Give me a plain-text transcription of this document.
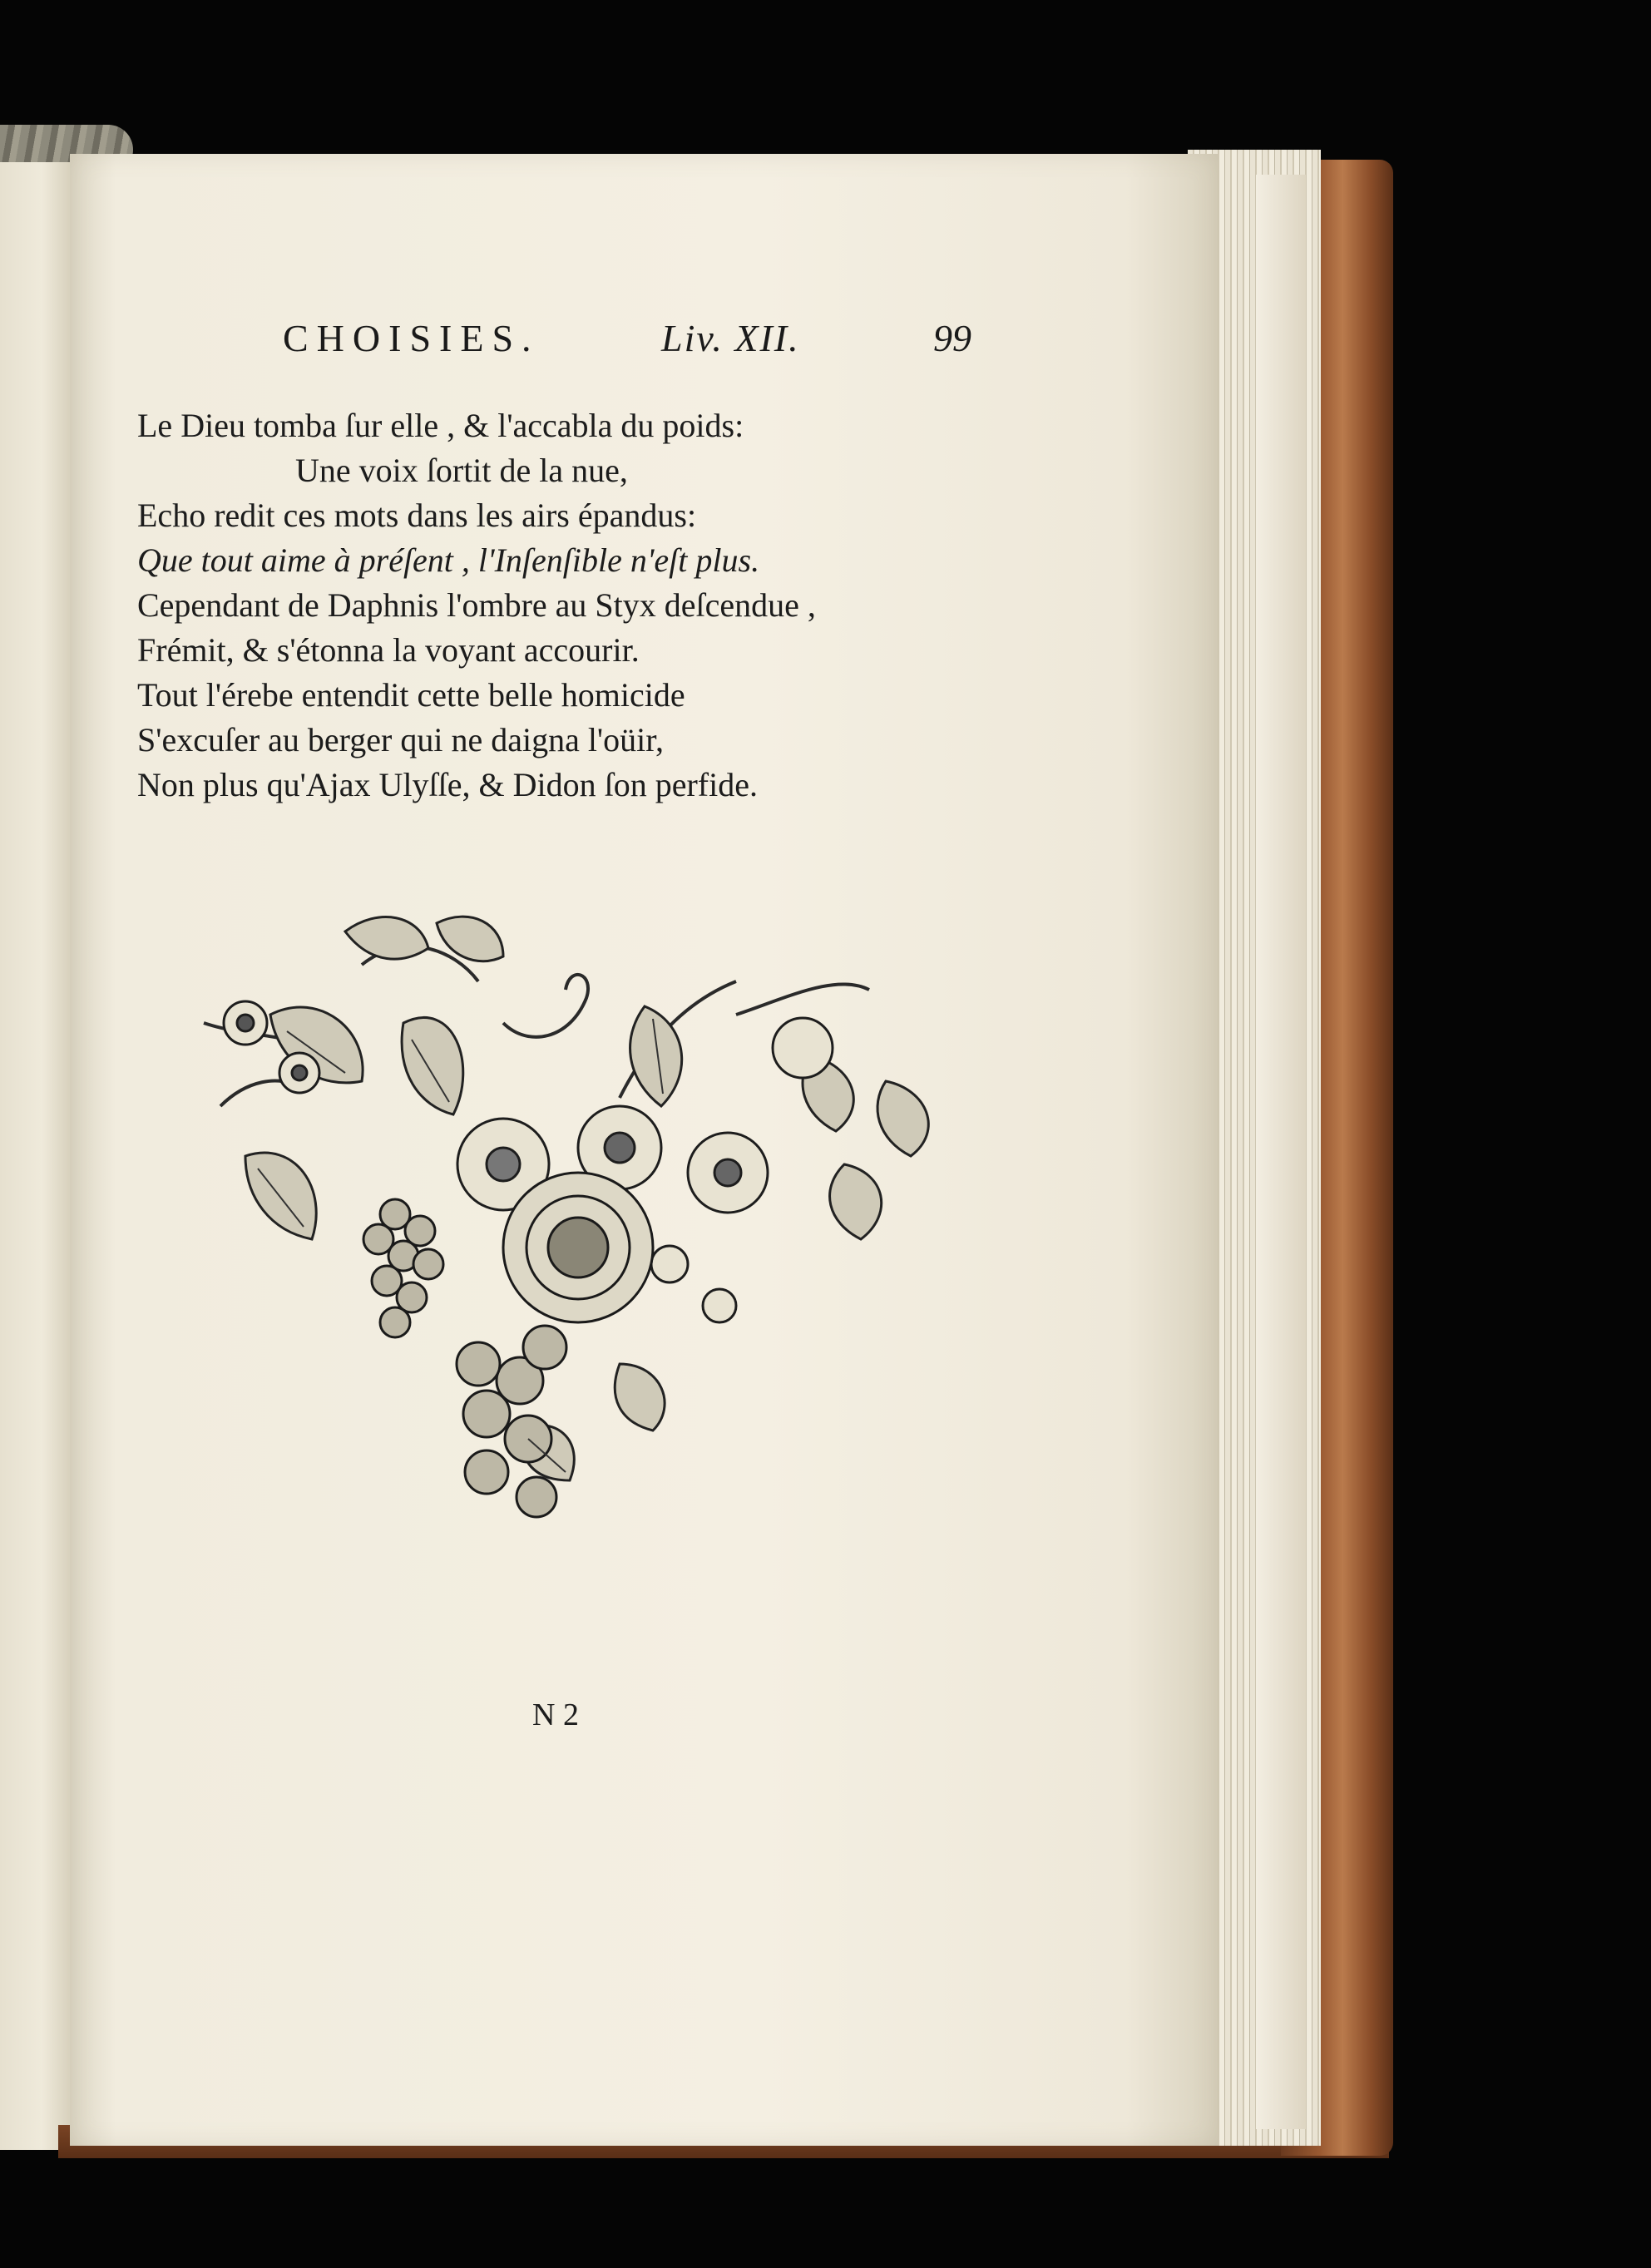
CHOISIES.	Liv. XII.	99
Le Dieu tomba ſur elle , & l'accabla du poids:
Une voix ſortit de la nue,
Echo redit ces mots dans les airs épandus:
Que tout aime à préſent , l'Inſenſible n'eſt plus.
Cependant de Daphnis l'ombre au Styx deſcendue ,
Frémit, & s'étonna la voyant accourir.
Tout l'érebe entendit cette belle homicide
S'excuſer au berger qui ne daigna l'oüir,
Non plus qu'Ajax Ulyſſe, & Didon ſon perfide.
N 2
